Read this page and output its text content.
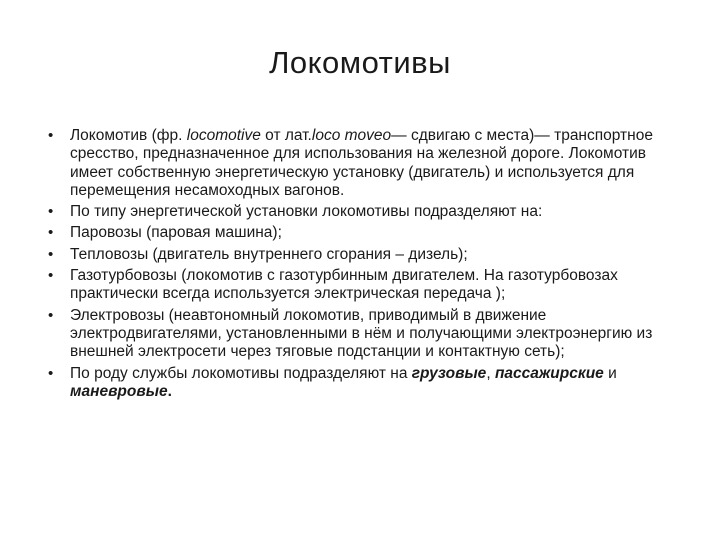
Локомотивы
• Локомотив (фр. locomotive от лат.loco moveo— сдвигаю с места)— транспортное сресство, предназначенное для использования на железной дороге. Локомотив имеет собственную энергетическую установку (двигатель) и используется для перемещения несамоходных вагонов.
• По типу энергетической установки локомотивы подразделяют на:
• Паровозы (паровая машина);
• Тепловозы (двигатель внутреннего сгорания – дизель);
• Газотурбовозы (локомотив с газотурбинным двигателем. На газотурбовозах практически всегда используется электрическая передача );
• Электровозы (неавтономный локомотив, приводимый в движение электродвигателями, установленными в нём и получающими электроэнергию из внешней электросети через тяговые подстанции и контактную сеть);
• По роду службы локомотивы подразделяют на грузовые, пассажирские и маневровые.
